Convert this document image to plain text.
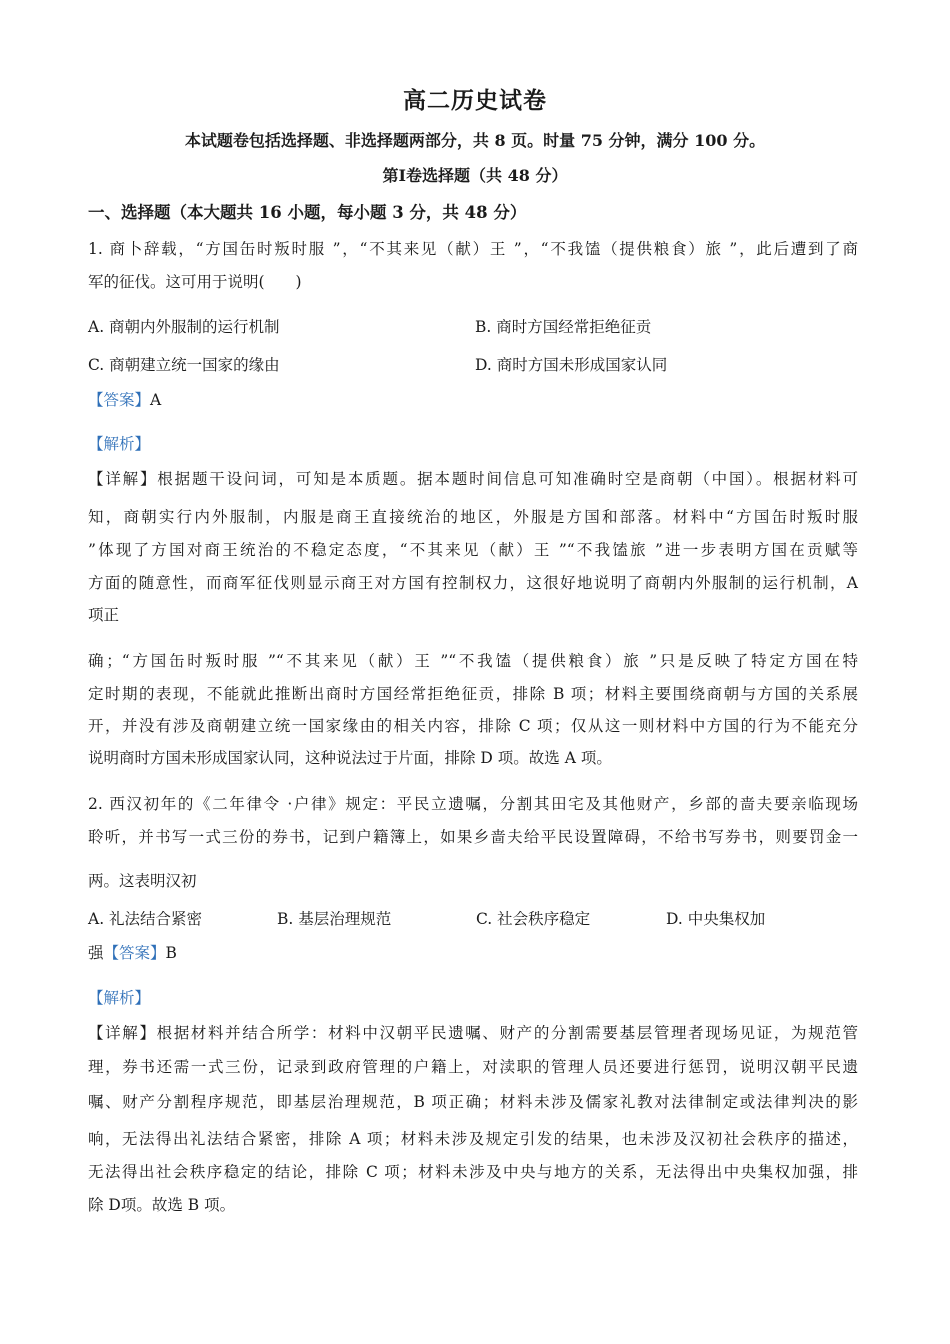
高二历史试卷
本试题卷包括选择题、非选择题两部分，共 8 页。时量 75 分钟，满分 100 分。
第Ⅰ卷选择题（共 48 分）
一、选择题（本大题共 16 小题，每小题 3 分，共 48 分）
1. 商卜辞载，“方国缶时叛时服 ”，“不其来见（献）王 ”，“不我馌（提供粮食）旅 ”，此后遭到了商
军的征伐。这可用于说明(　　)
A. 商朝内外服制的运行机制	B. 商时方国经常拒绝征贡
C. 商朝建立统一国家的缘由	D. 商时方国未形成国家认同
【答案】A
【解析】
【详解】根据题干设问词，可知是本质题。据本题时间信息可知准确时空是商朝（中国）。根据材料可
知，商朝实行内外服制，内服是商王直接统治的地区，外服是方国和部落。材料中“方国缶时叛时服
”体现了方国对商王统治的不稳定态度，“不其来见（献）王 ”“不我馌旅 ”进一步表明方国在贡赋等
方面的随意性，而商军征伐则显示商王对方国有控制权力，这很好地说明了商朝内外服制的运行机制，A
项正
确；“方国缶时叛时服 ”“不其来见（献）王 ”“不我馌（提供粮食）旅 ”只是反映了特定方国在特
定时期的表现，不能就此推断出商时方国经常拒绝征贡，排除 B 项；材料主要围绕商朝与方国的关系展
开，并没有涉及商朝建立统一国家缘由的相关内容，排除 C 项；仅从这一则材料中方国的行为不能充分
说明商时方国未形成国家认同，这种说法过于片面，排除 D 项。故选 A 项。
2. 西汉初年的《二年律令 ·户律》规定：平民立遗嘱，分割其田宅及其他财产，乡部的啬夫要亲临现场
聆听，并书写一式三份的券书，记到户籍簿上，如果乡啬夫给平民设置障碍，不给书写券书，则要罚金一
两。这表明汉初
A. 礼法结合紧密	B. 基层治理规范	C. 社会秩序稳定	D. 中央集权加
强【答案】B
【解析】
【详解】根据材料并结合所学：材料中汉朝平民遗嘱、财产的分割需要基层管理者现场见证，为规范管
理，券书还需一式三份，记录到政府管理的户籍上，对渎职的管理人员还要进行惩罚，说明汉朝平民遗
嘱、财产分割程序规范，即基层治理规范，B 项正确；材料未涉及儒家礼教对法律制定或法律判决的影
响，无法得出礼法结合紧密，排除 A 项；材料未涉及规定引发的结果，也未涉及汉初社会秩序的描述，
无法得出社会秩序稳定的结论，排除 C 项；材料未涉及中央与地方的关系，无法得出中央集权加强，排
除 D项。故选 B 项。
